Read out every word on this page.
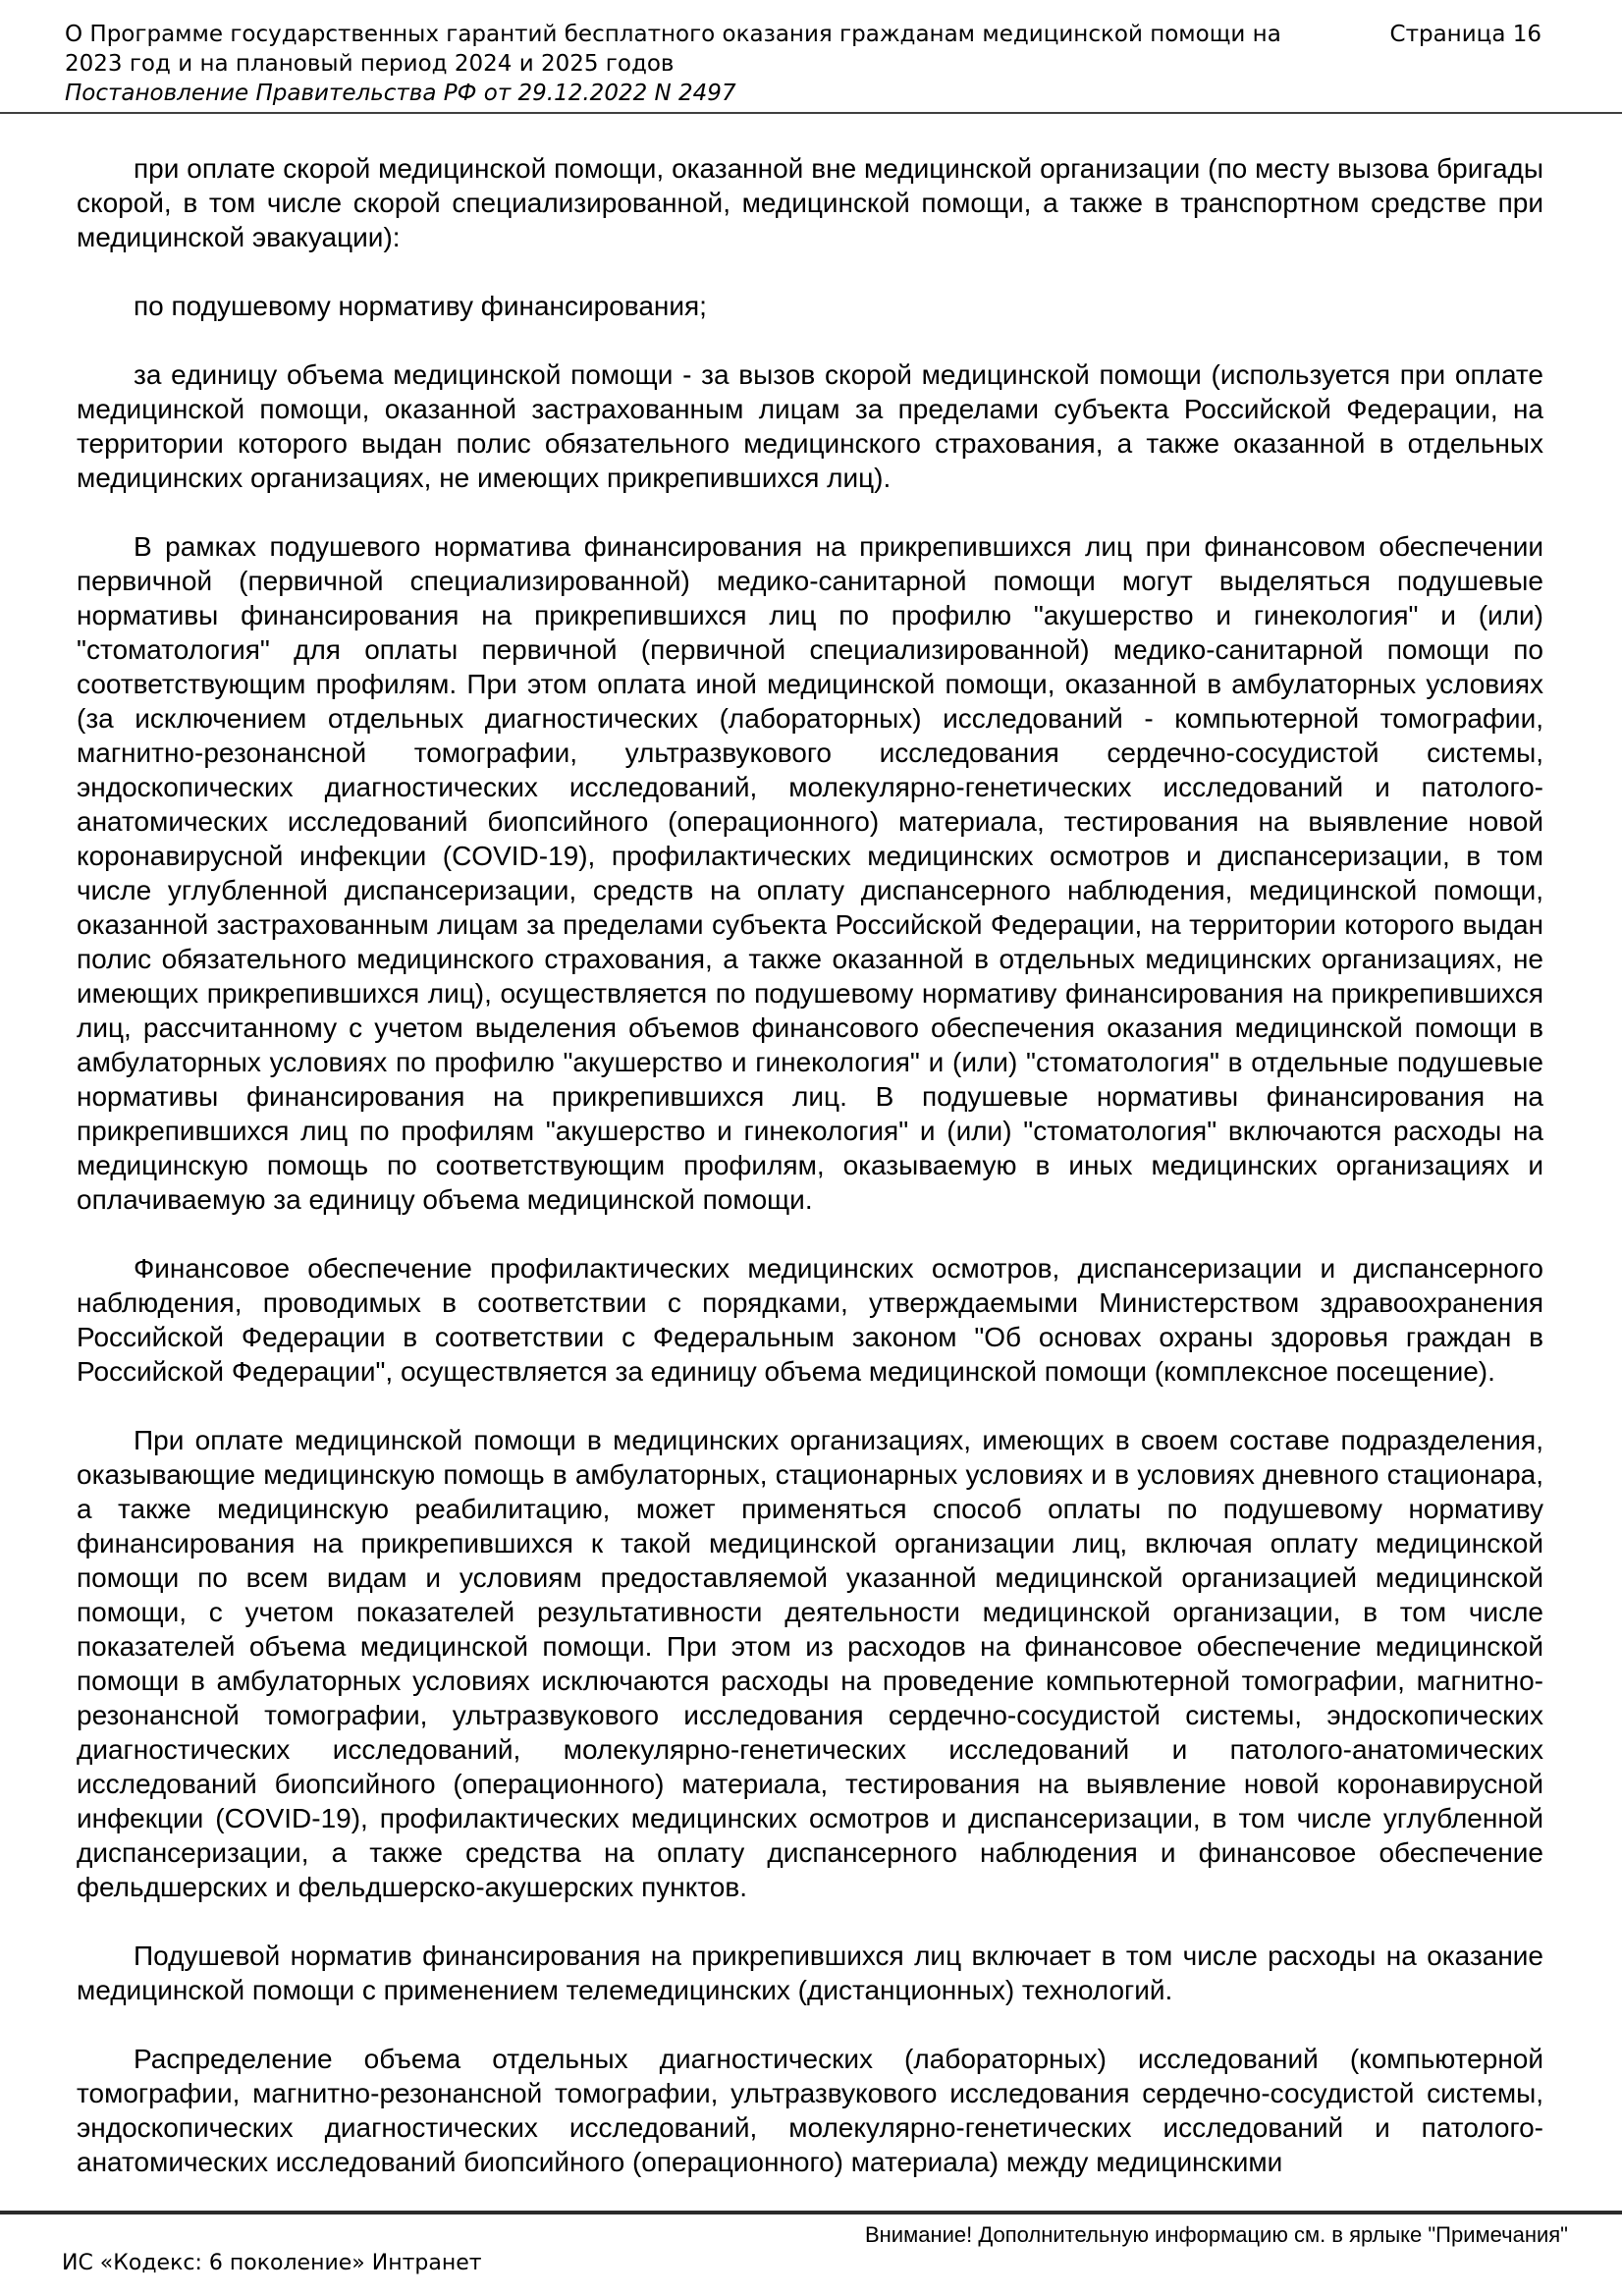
О Программе государственных гарантий бесплатного оказания гражданам медицинской помощи на 2023 год и на плановый период 2024 и 2025 годов
Постановление Правительства РФ от 29.12.2022 N 2497
Страница 16

при оплате скорой медицинской помощи, оказанной вне медицинской организации (по месту вызова бригады скорой, в том числе скорой специализированной, медицинской помощи, а также в транспортном средстве при медицинской эвакуации):

по подушевому нормативу финансирования;

за единицу объема медицинской помощи - за вызов скорой медицинской помощи (используется при оплате медицинской помощи, оказанной застрахованным лицам за пределами субъекта Российской Федерации, на территории которого выдан полис обязательного медицинского страхования, а также оказанной в отдельных медицинских организациях, не имеющих прикрепившихся лиц).

В рамках подушевого норматива финансирования на прикрепившихся лиц при финансовом обеспечении первичной (первичной специализированной) медико-санитарной помощи могут выделяться подушевые нормативы финансирования на прикрепившихся лиц по профилю "акушерство и гинекология" и (или) "стоматология" для оплаты первичной (первичной специализированной) медико-санитарной помощи по соответствующим профилям. При этом оплата иной медицинской помощи, оказанной в амбулаторных условиях (за исключением отдельных диагностических (лабораторных) исследований - компьютерной томографии, магнитно-резонансной томографии, ультразвукового исследования сердечно-сосудистой системы, эндоскопических диагностических исследований, молекулярно-генетических исследований и патолого-анатомических исследований биопсийного (операционного) материала, тестирования на выявление новой коронавирусной инфекции (COVID-19), профилактических медицинских осмотров и диспансеризации, в том числе углубленной диспансеризации, средств на оплату диспансерного наблюдения, медицинской помощи, оказанной застрахованным лицам за пределами субъекта Российской Федерации, на территории которого выдан полис обязательного медицинского страхования, а также оказанной в отдельных медицинских организациях, не имеющих прикрепившихся лиц), осуществляется по подушевому нормативу финансирования на прикрепившихся лиц, рассчитанному с учетом выделения объемов финансового обеспечения оказания медицинской помощи в амбулаторных условиях по профилю "акушерство и гинекология" и (или) "стоматология" в отдельные подушевые нормативы финансирования на прикрепившихся лиц. В подушевые нормативы финансирования на прикрепившихся лиц по профилям "акушерство и гинекология" и (или) "стоматология" включаются расходы на медицинскую помощь по соответствующим профилям, оказываемую в иных медицинских организациях и оплачиваемую за единицу объема медицинской помощи.

Финансовое обеспечение профилактических медицинских осмотров, диспансеризации и диспансерного наблюдения, проводимых в соответствии с порядками, утверждаемыми Министерством здравоохранения Российской Федерации в соответствии с Федеральным законом "Об основах охраны здоровья граждан в Российской Федерации", осуществляется за единицу объема медицинской помощи (комплексное посещение).

При оплате медицинской помощи в медицинских организациях, имеющих в своем составе подразделения, оказывающие медицинскую помощь в амбулаторных, стационарных условиях и в условиях дневного стационара, а также медицинскую реабилитацию, может применяться способ оплаты по подушевому нормативу финансирования на прикрепившихся к такой медицинской организации лиц, включая оплату медицинской помощи по всем видам и условиям предоставляемой указанной медицинской организацией медицинской помощи, с учетом показателей результативности деятельности медицинской организации, в том числе показателей объема медицинской помощи. При этом из расходов на финансовое обеспечение медицинской помощи в амбулаторных условиях исключаются расходы на проведение компьютерной томографии, магнитно-резонансной томографии, ультразвукового исследования сердечно-сосудистой системы, эндоскопических диагностических исследований, молекулярно-генетических исследований и патолого-анатомических исследований биопсийного (операционного) материала, тестирования на выявление новой коронавирусной инфекции (COVID-19), профилактических медицинских осмотров и диспансеризации, в том числе углубленной диспансеризации, а также средства на оплату диспансерного наблюдения и финансовое обеспечение фельдшерских и фельдшерско-акушерских пунктов.

Подушевой норматив финансирования на прикрепившихся лиц включает в том числе расходы на оказание медицинской помощи с применением телемедицинских (дистанционных) технологий.

Распределение объема отдельных диагностических (лабораторных) исследований (компьютерной томографии, магнитно-резонансной томографии, ультразвукового исследования сердечно-сосудистой системы, эндоскопических диагностических исследований, молекулярно-генетических исследований и патолого-анатомических исследований биопсийного (операционного) материала) между медицинскими

Внимание! Дополнительную информацию см. в ярлыке "Примечания"
ИС «Кодекс: 6 поколение» Интранет
